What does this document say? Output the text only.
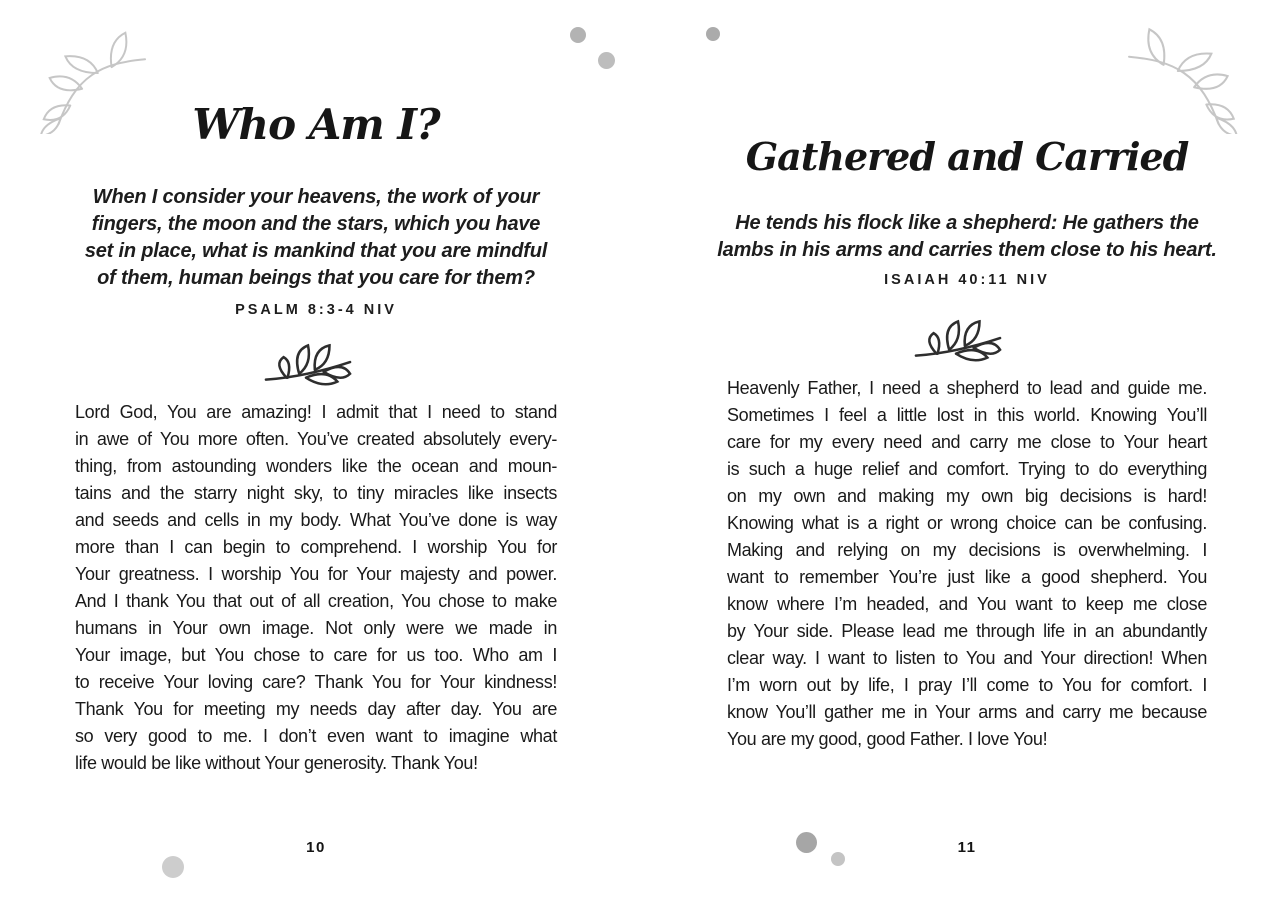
Who Am I?
When I consider your heavens, the work of your
fingers, the moon and the stars, which you have
set in place, what is mankind that you are mindful
of them, human beings that you care for them?
PSALM 8:3-4 NIV
Lord God, You are amazing! I admit that I need to stand
in awe of You more often. You’ve created absolutely every-
thing, from astounding wonders like the ocean and moun-
tains and the starry night sky, to tiny miracles like insects
and seeds and cells in my body. What You’ve done is way
more than I can begin to comprehend. I worship You for
Your greatness. I worship You for Your majesty and power.
And I thank You that out of all creation, You chose to make
humans in Your own image. Not only were we made in
Your image, but You chose to care for us too. Who am I
to receive Your loving care? Thank You for Your kindness!
Thank You for meeting my needs day after day. You are
so very good to me. I don’t even want to imagine what
life would be like without Your generosity. Thank You!
10
Gathered and Carried
He tends his flock like a shepherd: He gathers the
lambs in his arms and carries them close to his heart.
ISAIAH 40:11 NIV
Heavenly Father, I need a shepherd to lead and guide me.
Sometimes I feel a little lost in this world. Knowing You’ll
care for my every need and carry me close to Your heart
is such a huge relief and comfort. Trying to do everything
on my own and making my own big decisions is hard!
Knowing what is a right or wrong choice can be confusing.
Making and relying on my decisions is overwhelming. I
want to remember You’re just like a good shepherd. You
know where I’m headed, and You want to keep me close
by Your side. Please lead me through life in an abundantly
clear way. I want to listen to You and Your direction! When
I’m worn out by life, I pray I’ll come to You for comfort. I
know You’ll gather me in Your arms and carry me because
You are my good, good Father. I love You!
11
